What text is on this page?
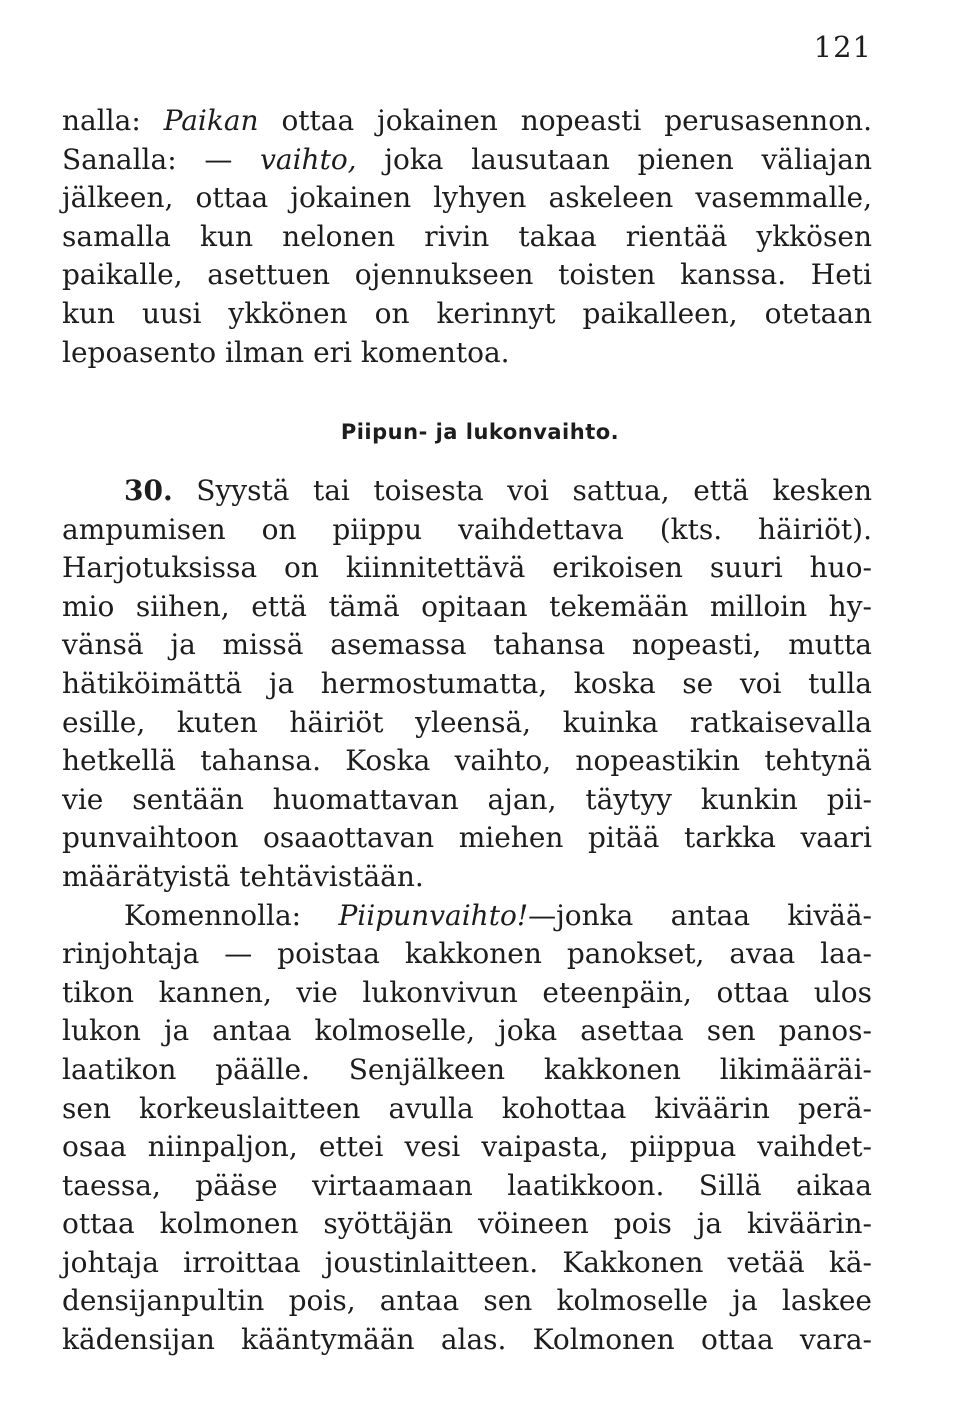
121
nalla: Paikan ottaa jokainen nopeasti perusasennon.
Sanalla: — vaihto, joka lausutaan pienen väliajan
jälkeen, ottaa jokainen lyhyen askeleen vasemmalle,
samalla kun nelonen rivin takaa rientää ykkösen
paikalle, asettuen ojennukseen toisten kanssa. Heti
kun uusi ykkönen on kerinnyt paikalleen, otetaan
lepoasento ilman eri komentoa.
Piipun- ja lukonvaihto.
30. Syystä tai toisesta voi sattua, että kesken
ampumisen on piippu vaihdettava (kts. häiriöt).
Harjotuksissa on kiinnitettävä erikoisen suuri huo-
mio siihen, että tämä opitaan tekemään milloin hy-
vänsä ja missä asemassa tahansa nopeasti, mutta
hätiköimättä ja hermostumatta, koska se voi tulla
esille, kuten häiriöt yleensä, kuinka ratkaisevalla
hetkellä tahansa. Koska vaihto, nopeastikin tehtynä
vie sentään huomattavan ajan, täytyy kunkin pii-
punvaihtoon osaaottavan miehen pitää tarkka vaari
määrätyistä tehtävistään.
Komennolla: Piipunvaihto!—jonka antaa kivää-
rinjohtaja — poistaa kakkonen panokset, avaa laa-
tikon kannen, vie lukonvivun eteenpäin, ottaa ulos
lukon ja antaa kolmoselle, joka asettaa sen panos-
laatikon päälle. Senjälkeen kakkonen likimääräi-
sen korkeuslaitteen avulla kohottaa kiväärin perä-
osaa niinpaljon, ettei vesi vaipasta, piippua vaihdet-
taessa, pääse virtaamaan laatikkoon. Sillä aikaa
ottaa kolmonen syöttäjän vöineen pois ja kiväärin-
johtaja irroittaa joustinlaitteen. Kakkonen vetää kä-
densijanpultin pois, antaa sen kolmoselle ja laskee
kädensijan kääntymään alas. Kolmonen ottaa vara-
